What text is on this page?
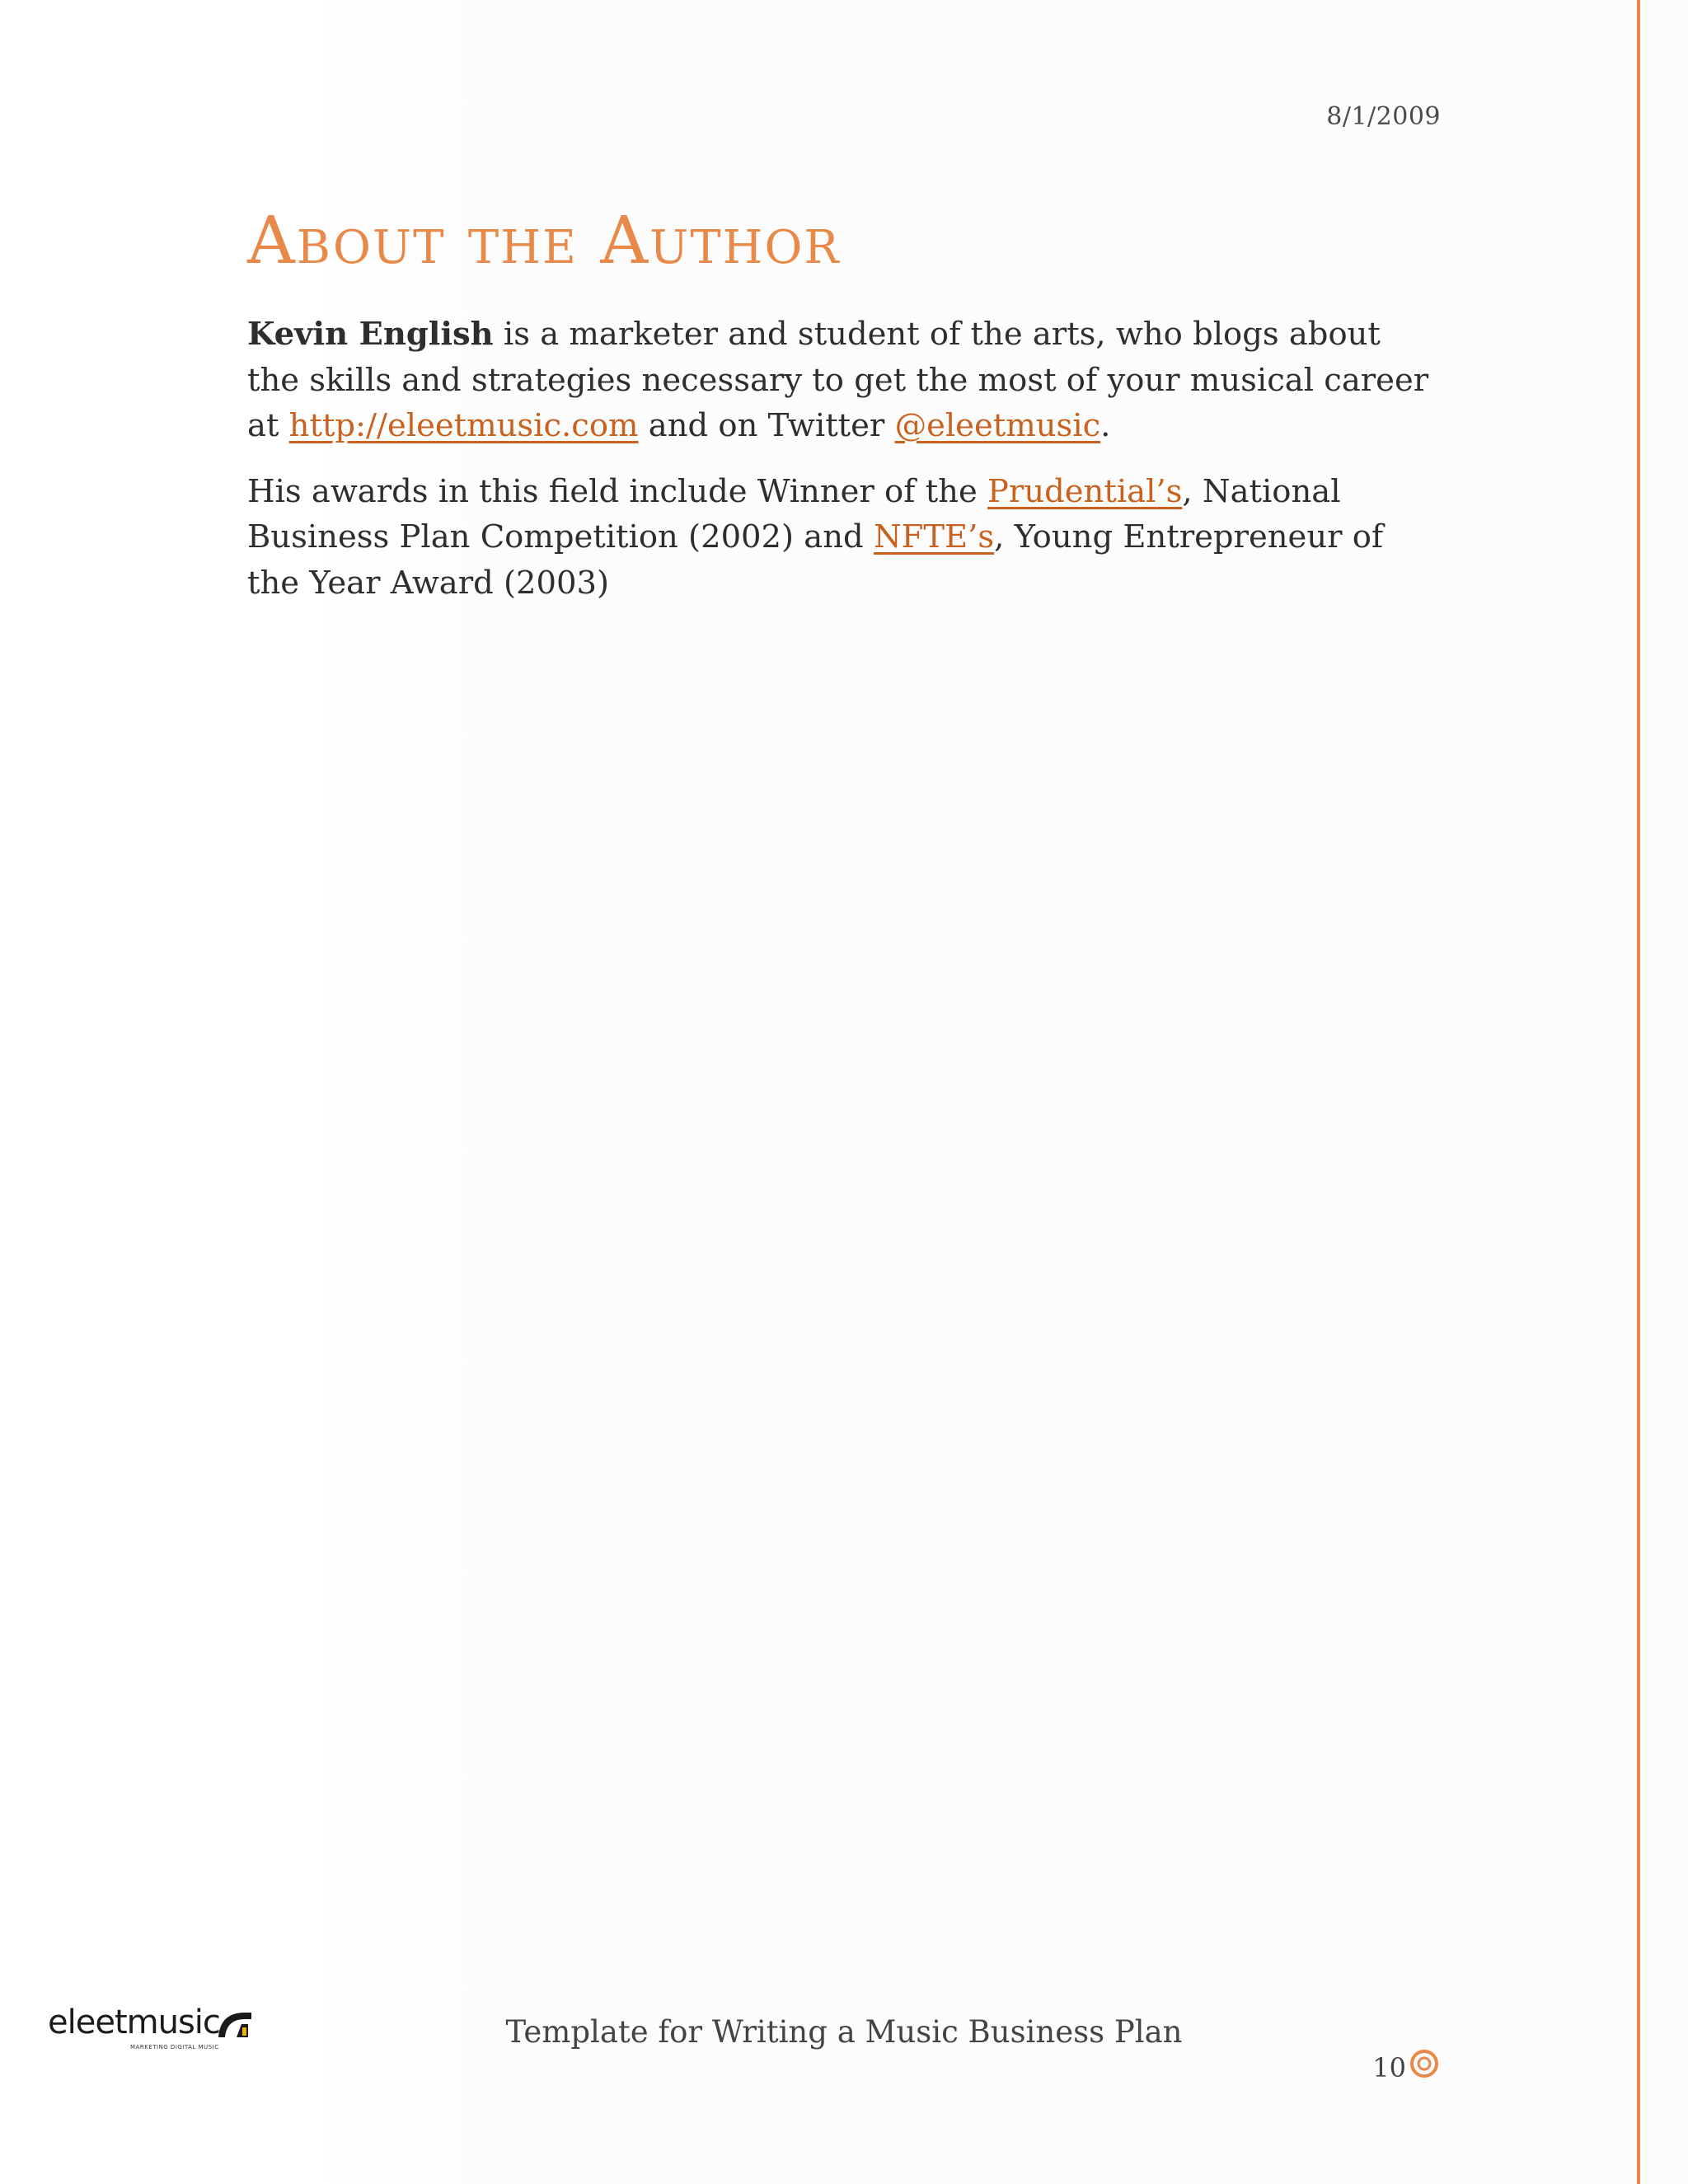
8/1/2009
About the Author

Kevin English is a marketer and student of the arts, who blogs about the skills and strategies necessary to get the most of your musical career at http://eleetmusic.com and on Twitter @eleetmusic.

His awards in this field include Winner of the Prudential’s, National Business Plan Competition (2002) and NFTE’s, Young Entrepreneur of the Year Award (2003)

eleetmusic
MARKETING DIGITAL MUSIC	Template for Writing a Music Business Plan
10
